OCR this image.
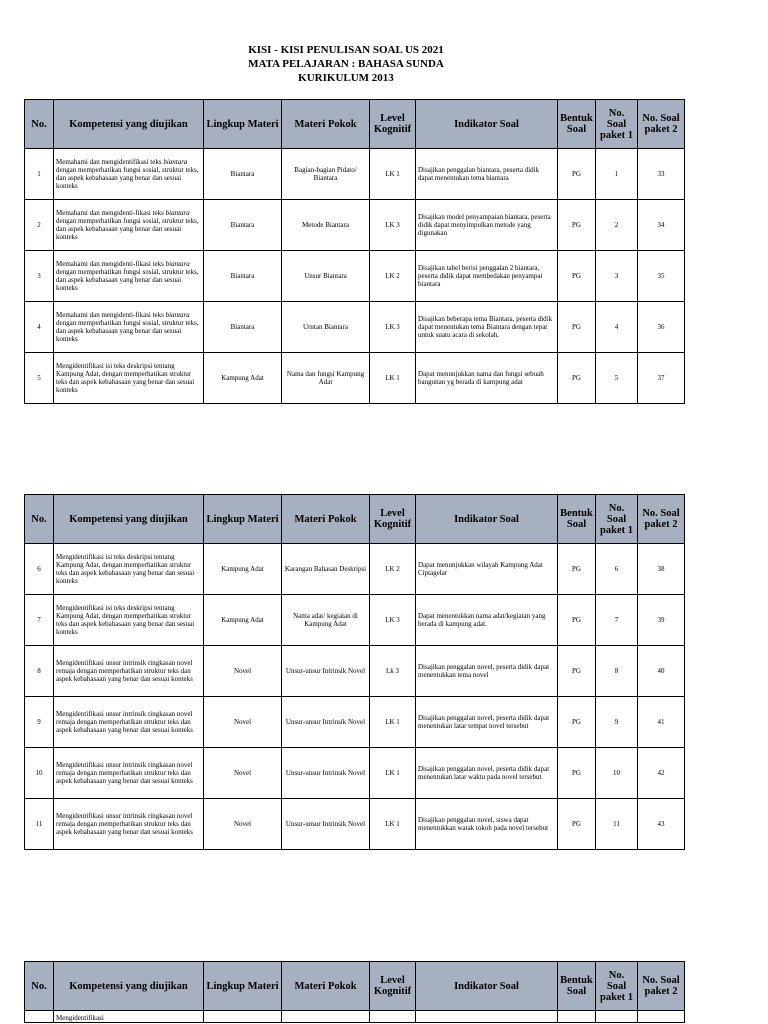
KISI - KISI PENULISAN SOAL US 2021
MATA PELAJARAN : BAHASA SUNDA
KURIKULUM 2013
No.	Kompetensi yang diujikan	Lingkup Materi	Materi Pokok	Level Kognitif	Indikator Soal	Bentuk Soal	No. Soal paket 1	No. Soal paket 2
1	Memahami dan mengidentifikasi teks biantara dengan memperhatikan fungsi sosial, struktur teks, dan aspek kebahasaan yang benar dan sesuai konteks	Biantara	Bagian-bagian Pidato/ Biantara	LK 1	Disajikan penggalan biantara, peserta didik dapat menentukan tema biantara	PG	1	33
2	Memahami dan mengidenti-fikasi teks biantara dengan memperhatikan fungsi sosial, struktur teks, dan aspek kebahasaan yang benar dan sesuai konteks	Biantara	Metode Biantara	LK 3	Disajikan model penyampaian biantara, peserta didik dapat menyimpulkan metode yang digunakan	PG	2	34
3	Memahami dan mengidenti-fikasi teks biantara dengan memperhatikan fungsi sosial, struktur teks, dan aspek kebahasaan yang benar dan sesuai konteks	Biantara	Unsur Biantara	LK 2	Disajikan tabel berisi penggalan 2 biantara, peserta didik dapat membedakan penyampai biantara	PG	3	35
4	Memahami dan mengidenti-fikasi teks biantara dengan memperhatikan fungsi sosial, struktur teks, dan aspek kebahasaan yang benar dan sesuai konteks	Biantara	Urutan Biantara	LK 3	Disajikan beberapa tema Biantara, peserta didik dapat menentukan tema Biantara dengan tepat untuk suatu acara di sekolah.	PG	4	36
5	Mengidentifikasi isi teks deskripsi tentang Kampung Adat, dengan memperhatikan struktur teks dan aspek kebahasaan yang benar dan sesuai konteks	Kampung Adat	Nama dan fungsi Kampung Adat	LK 1	Dapat menunjukkan nama dan fungsi sebuah bangunan yg berada di kampung adat	PG	5	37
No.	Kompetensi yang diujikan	Lingkup Materi	Materi Pokok	Level Kognitif	Indikator Soal	Bentuk Soal	No. Soal paket 1	No. Soal paket 2
6	Mengidentifikasi isi teks deskripsi tentang Kampung Adat, dengan memperhatikan struktur teks dan aspek kebahasaan yang benar dan sesuai konteks	Kampung Adat	Karangan Bahasan Deskripsi	LK 2	Dapat menunjukkan wilayah Kampung Adat Ciptagelar	PG	6	38
7	Mengidentifikasi isi teks deskripsi tentang Kampung Adat, dengan memperhatikan struktur teks dan aspek kebahasaan yang benar dan sesuai konteks	Kampung Adat	Nama adat/ kegiatan di Kampung Adat	LK 3	Dapat menentukkan nama adat/kegiatan yang berada di kampung adat.	PG	7	39
8	Mengidentifikasi unsur intrinsik ringkasan novel remaja dengan memperhatikan struktur teks dan aspek kebahasaan yang benar dan sesuai konteks	Novel	Unsur-unsur Intrinsik Novel	Lk 3	Disajikan penggalan novel, peserta didik dapat menentukkan tema novel	PG	8	40
9	Mengidentifikasi unsur intrinsik ringkasan novel remaja dengan memperhatikan struktur teks dan aspek kebahasaan yang benar dan sesuai konteks	Novel	Unsur-unsur Intrinsik Novel	LK 1	Disajikan penggalan novel, peserta didik dapat menentukan latar tempat novel tersebut	PG	9	41
10	Mengidentifikasi unsur intrinsik ringkasan novel remaja dengan memperhatikan struktur teks dan aspek kebahasaan yang benar dan sesuai konteks	Novel	Unsur-unsur Intrinsik Novel	LK 1	Disajikan penggalan novel, peserta didik dapat menentukan latar waktu pada novel tersebut	PG	10	42
11	Mengidentifikasi unsur intrinsik ringkasan novel remaja dengan memperhatikan struktur teks dan aspek kebahasaan yang benar dan sesuai konteks	Novel	Unsur-unsur Intrinsik Novel	LK 1	Disajikan penggalan novel, siswa dapat menentukkan watak tokoh pada novel tersebut	PG	11	43
No.	Kompetensi yang diujikan	Lingkup Materi	Materi Pokok	Level Kognitif	Indikator Soal	Bentuk Soal	No. Soal paket 1	No. Soal paket 2
	Mengidentifikasi							
